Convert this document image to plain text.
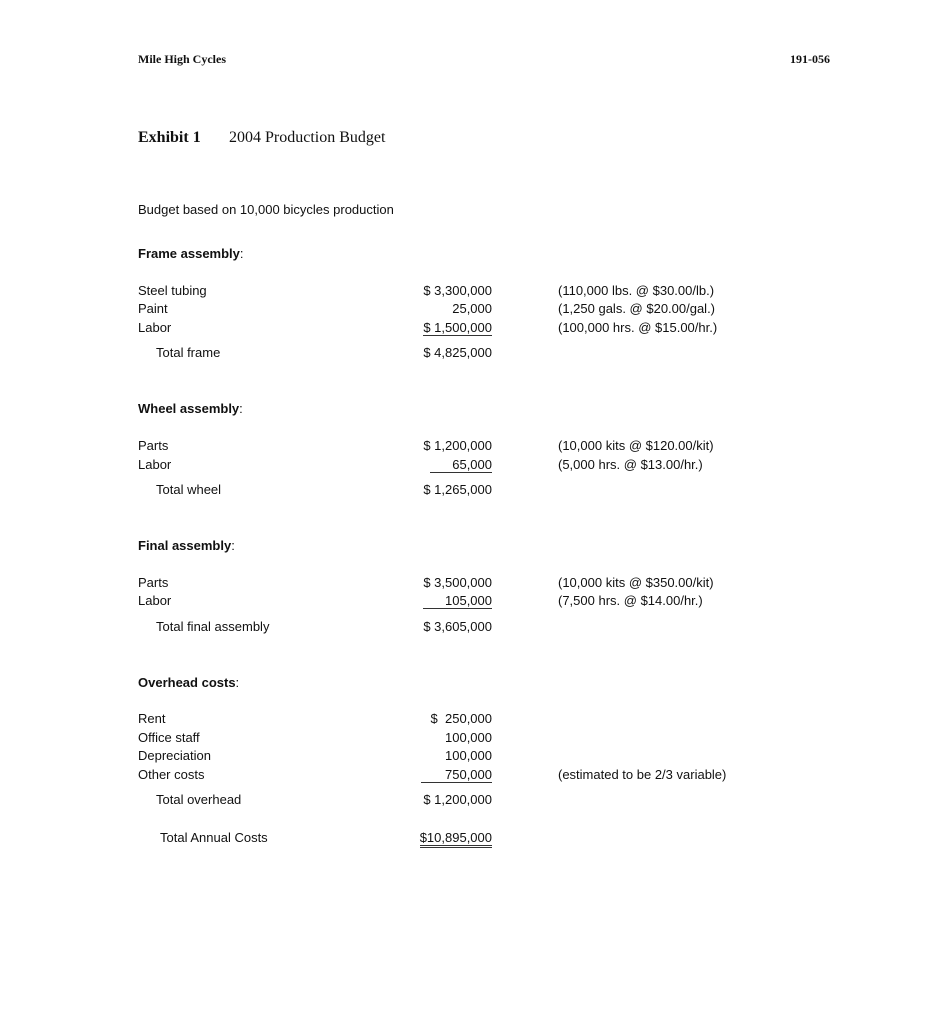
Mile High Cycles	191-056
Exhibit 1 2004 Production Budget
Budget based on 10,000 bicycles production
Frame assembly:
Steel tubing	$ 3,300,000	(110,000 lbs. @ $30.00/lb.)
Paint	25,000	(1,250 gals. @ $20.00/gal.)
Labor	$ 1,500,000	(100,000 hrs. @ $15.00/hr.)
Total frame	$ 4,825,000
Wheel assembly:
Parts	$ 1,200,000	(10,000 kits @ $120.00/kit)
Labor	65,000	(5,000 hrs. @ $13.00/hr.)
Total wheel	$ 1,265,000
Final assembly:
Parts	$ 3,500,000	(10,000 kits @ $350.00/kit)
Labor	105,000	(7,500 hrs. @ $14.00/hr.)
Total final assembly	$ 3,605,000
Overhead costs:
Rent	$  250,000
Office staff	100,000
Depreciation	100,000
Other costs	750,000	(estimated to be 2/3 variable)
Total overhead	$ 1,200,000
Total Annual Costs	$10,895,000
